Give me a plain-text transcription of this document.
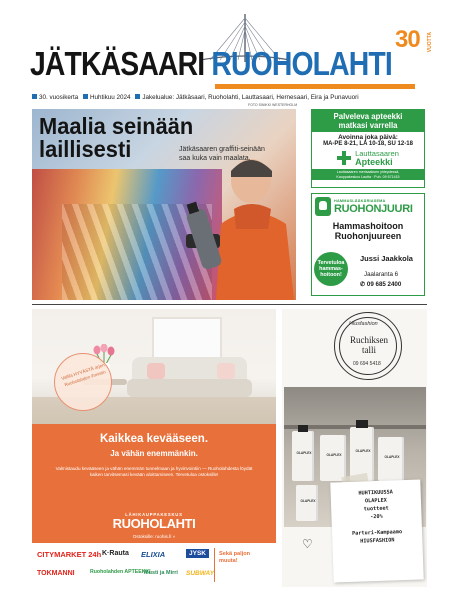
JÄTKÄSAARI RUOHOLAHTI
30 VUOTTA
30. vuosikerta Huhtikuu 2024 Jakelualue: Jätkäsaari, Ruoholahti, Lauttasaari, Hernesaari, Eira ja Punavuori
FOTO SINIKKI WESTERHOLM
Maalia seinään
laillisesti	Jätkäsaaren graffiti-seinään saa kuka vain maalata.
Palveleva apteekki
matkasi varrella
Avoinna joka päivä:
MA-PE 8-21, LA 10-18, SU 12-18
Lauttasaaren
Apteekki
Lauttasaaren merisaaksen yhteydessä,
Kauppakeskus Lautta · Puh. 09 671415
HAMMASLÄÄKÄRIASEMA
RUOHONJUURI
Hammashoitoon
Ruohonjuureen
Tervetuloa hammas-hoitoon!
Jussi Jaakkola
Jaalaranta 6
✆ 09 685 2400
Vallila HYVÄSTÄ arjen Ruoholahden ihmisiin
Kaikkea kevääseen.
Ja vähän enemmänkin.
Valmistaudu kevääseen ja vähän enemmän tunnelmaan ja hyvinvointiin — Ruoholahdesta löydät kaiken tarvitsemasi kevään aloittamiseen. Tervetuloa ostoksille!
LÄHIKAUPPAKESKUS
RUOHOLAHTI
Ostoksille: ruohis.fi »
CITYMARKET 24h K·Rauta ELIXIA	JYSK
TOKMANNI	Ruoholahden APTEEKKI
Musti ja Mirri SUBWAY
Sekä paljon muuta!
Hiusfashion
Ruchiksen
talli
09 694 5418
OLAPLEX
OLAPLEX
OLAPLEX
OLAPLEX
OLAPLEX

HUHTIKUUSSA

OLAPLEX

tuotteet

-20%

Parturi-Kampaamo

HIUSFASHION

♡
